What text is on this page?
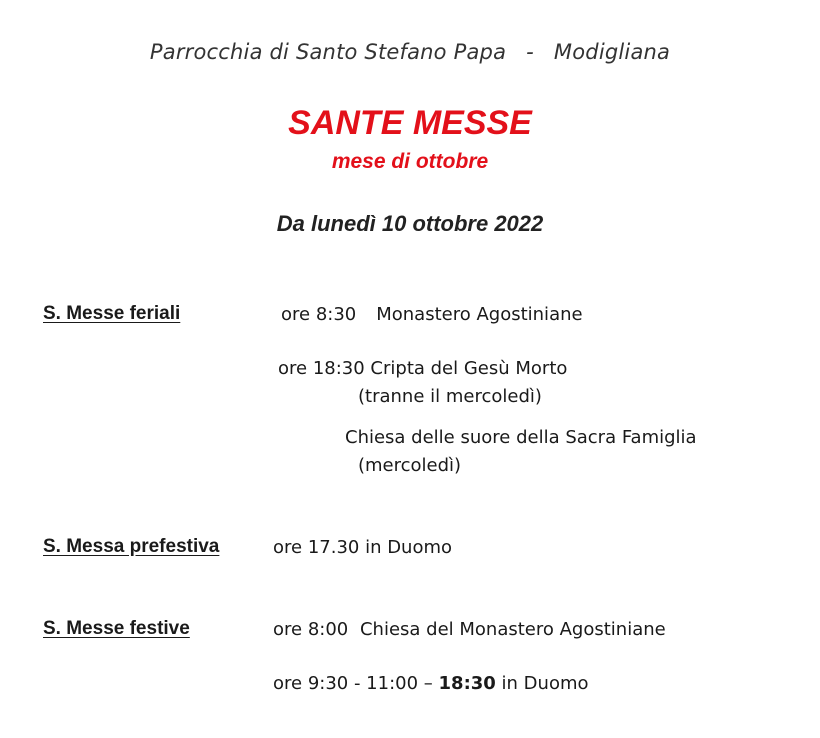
Parrocchia di Santo Stefano Papa - Modigliana
SANTE MESSE
mese di ottobre
Da lunedì 10 ottobre 2022
S. Messe feriali	ore 8:30 Monastero Agostiniane
ore 18:30 Cripta del Gesù Morto
(tranne il mercoledì)
Chiesa delle suore della Sacra Famiglia
(mercoledì)
S. Messa prefestiva	ore 17.30 in Duomo
S. Messe festive	ore 8:00 Chiesa del Monastero Agostiniane
ore 9:30 - 11:00 – 18:30 in Duomo
